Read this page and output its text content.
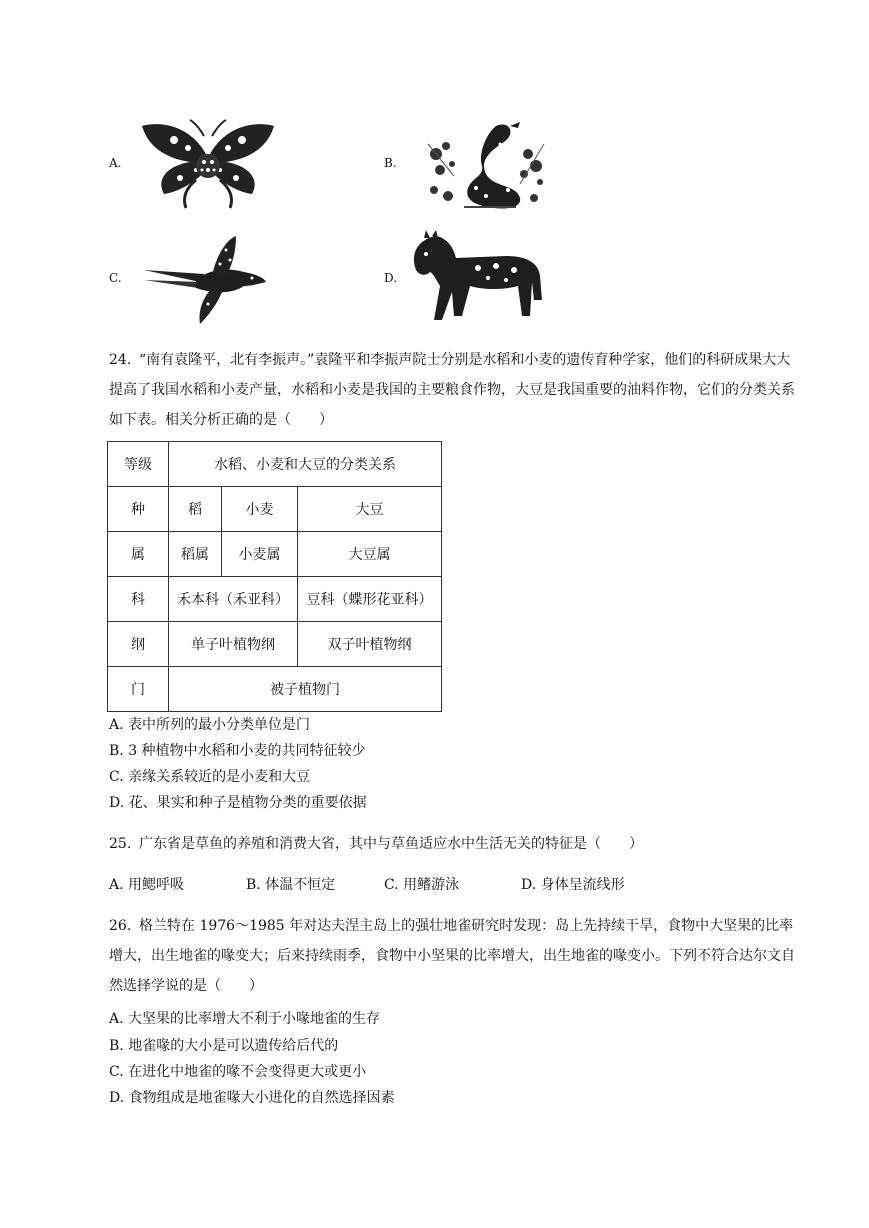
A.	B.
C.	D.
24. “南有袁隆平，北有李振声。”袁隆平和李振声院士分别是水稻和小麦的遗传育种学家，他们的科研成果大大提高了我国水稻和小麦产量，水稻和小麦是我国的主要粮食作物，大豆是我国重要的油料作物，它们的分类关系如下表。相关分析正确的是（　　）
等级	水稻、小麦和大豆的分类关系		
种	稻	小麦	大豆
属	稻属	小麦属	大豆属
科	禾本科（禾亚科）		豆科（蝶形花亚科）
纲	单子叶植物纲		双子叶植物纲
门	被子植物门		
A. 表中所列的最小分类单位是门
B. 3 种植物中水稻和小麦的共同特征较少
C. 亲缘关系较近的是小麦和大豆
D. 花、果实和种子是植物分类的重要依据
25. 广东省是草鱼的养殖和消费大省，其中与草鱼适应水中生活无关的特征是（　　）
A. 用鳃呼吸	B. 体温不恒定	C. 用鳍游泳	D. 身体呈流线形
26. 格兰特在 1976～1985 年对达夫涅主岛上的强壮地雀研究时发现：岛上先持续干旱，食物中大坚果的比率增大，出生地雀的喙变大；后来持续雨季，食物中小坚果的比率增大，出生地雀的喙变小。下列不符合达尔文自然选择学说的是（　　）
A. 大坚果的比率增大不利于小喙地雀的生存
B. 地雀喙的大小是可以遗传给后代的
C. 在进化中地雀的喙不会变得更大或更小
D. 食物组成是地雀喙大小进化的自然选择因素
